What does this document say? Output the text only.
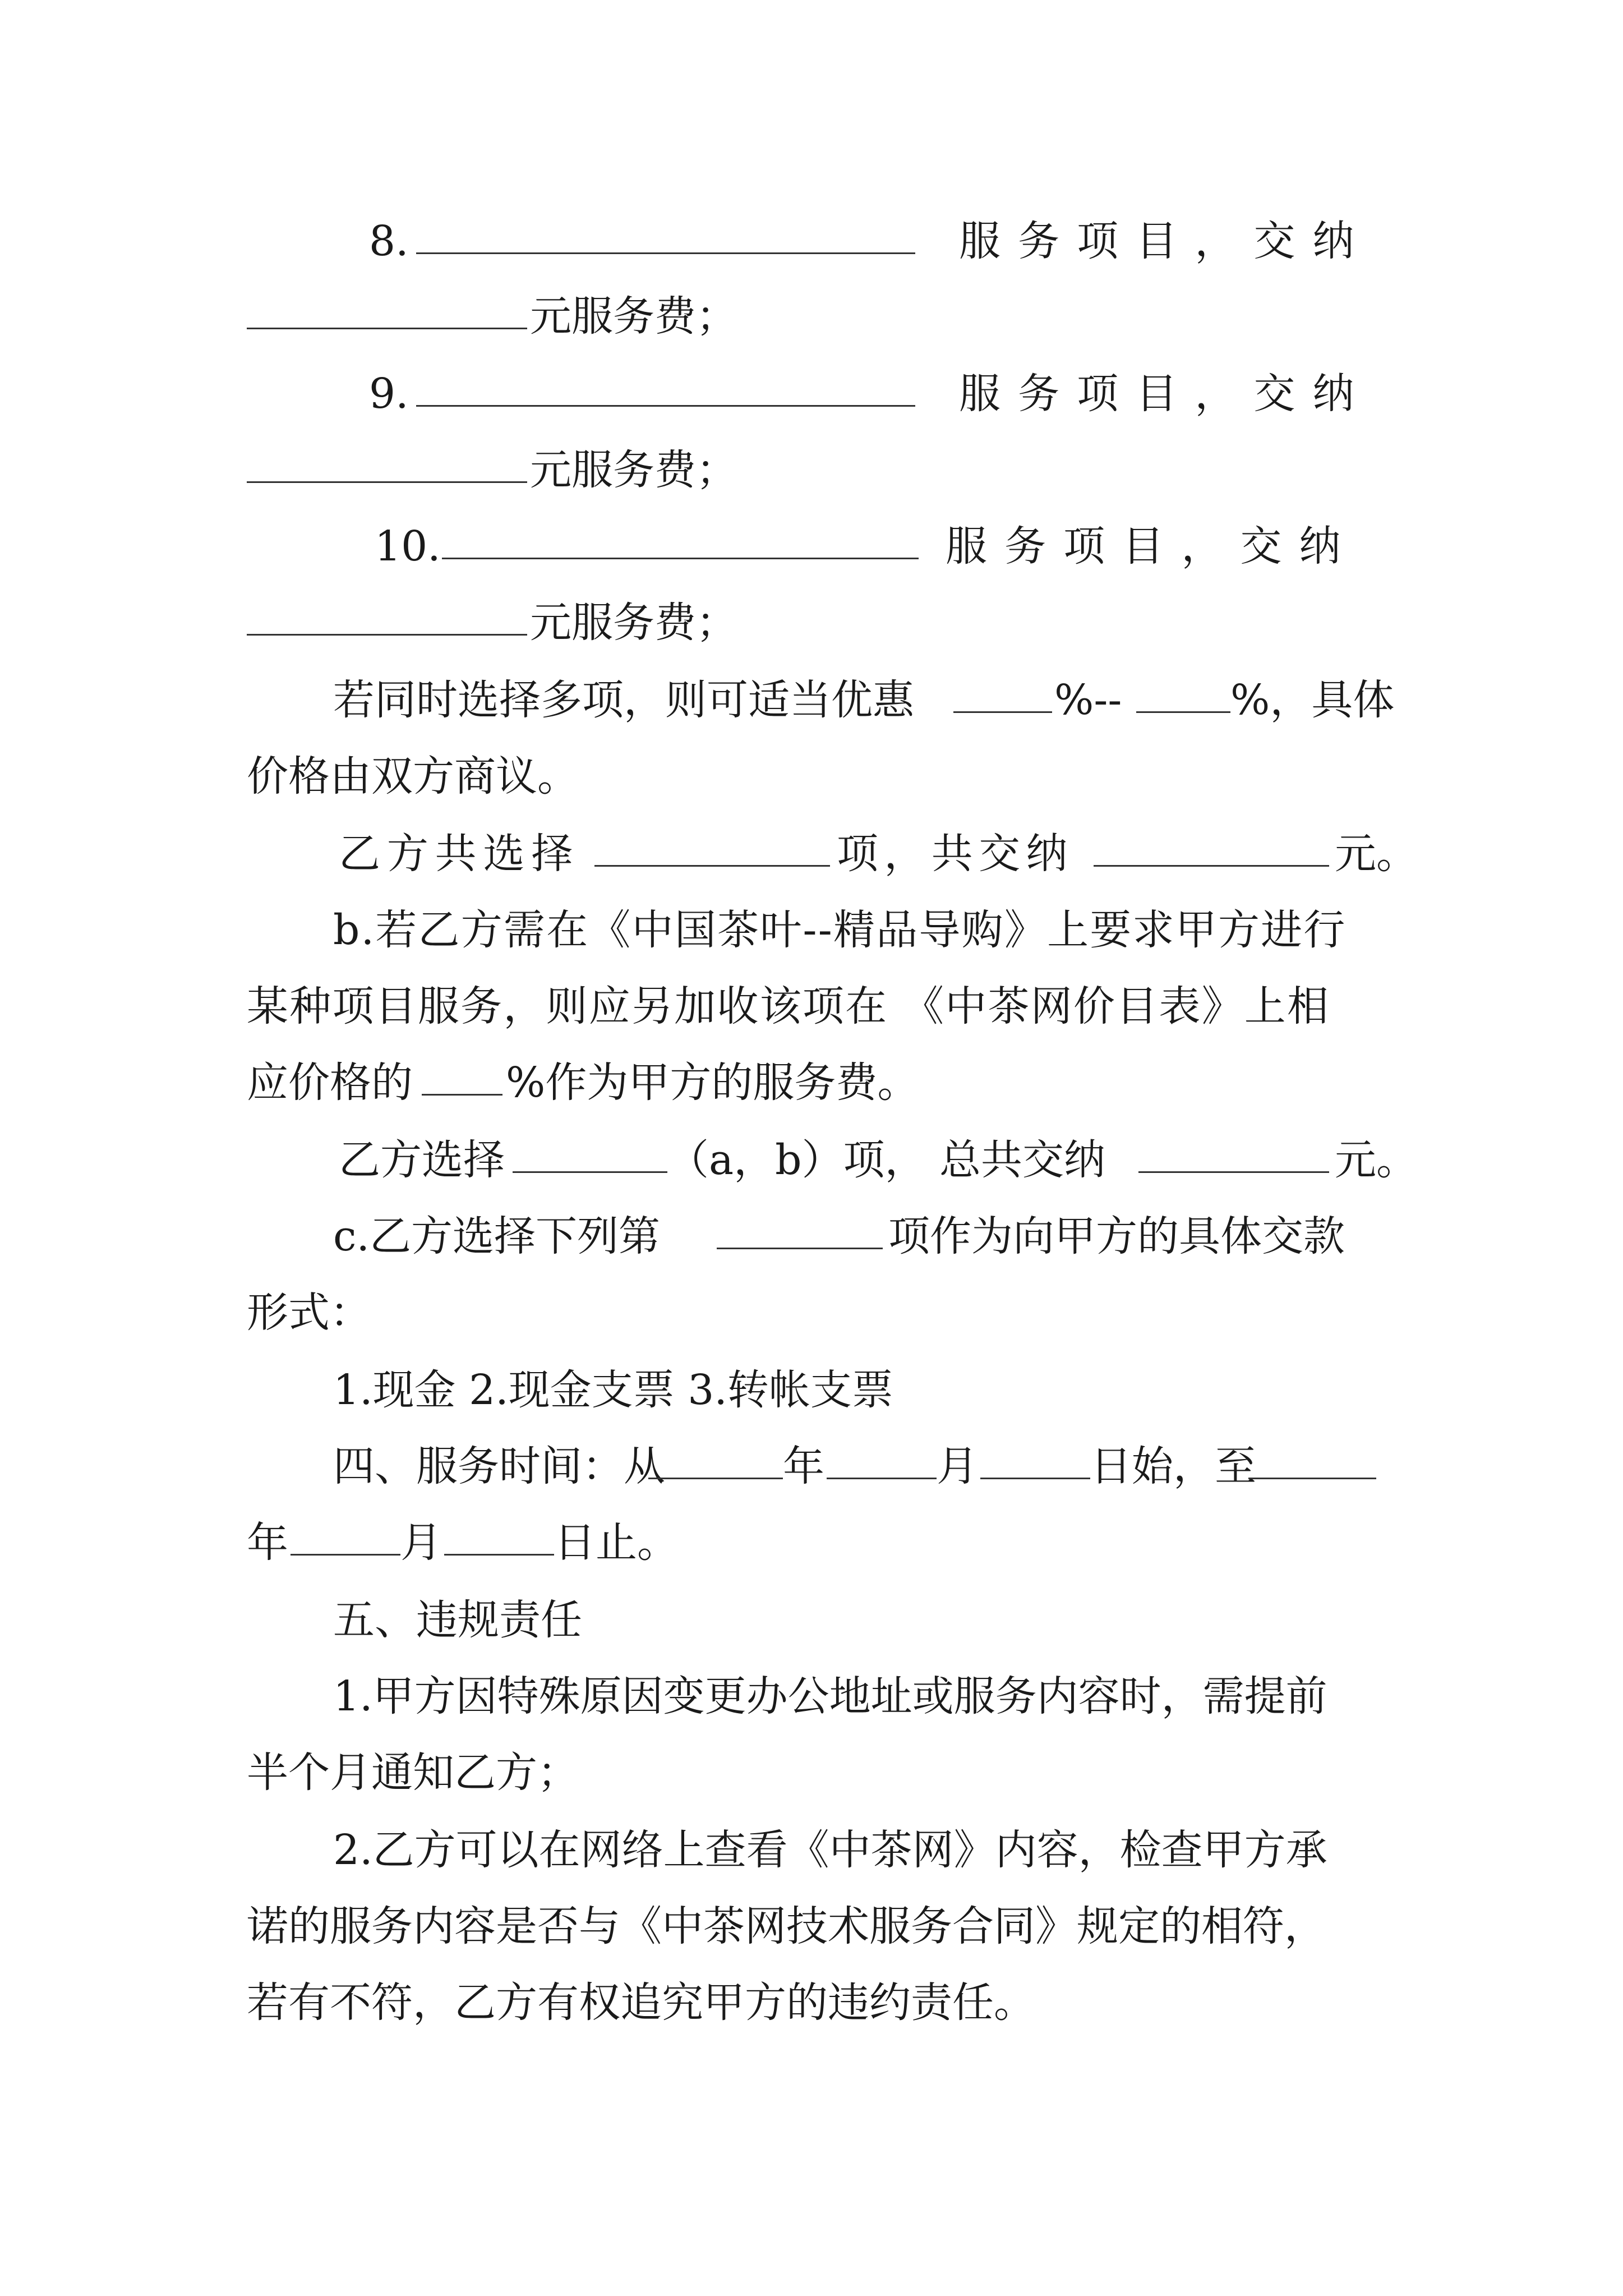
8.	服务项目，交纳
元服务费；
9.	服务项目，交纳
元服务费；
10.	服务项目，交纳
元服务费；
若同时选择多项，则可适当优惠	%--	%，具体
价格由双方商议。
乙方共选择	项，共交纳	元。
b.若乙方需在《中国茶叶--精品导购》上要求甲方进行
某种项目服务，则应另加收该项在 《中茶网价目表》上相
应价格的 %作为甲方的服务费。
乙方选择	（a，b）项， 总共交纳	元。
c.乙方选择下列第	项作为向甲方的具体交款
形式：
1.现金 2.现金支票 3.转帐支票
四、服务时间：从	年	月	日始，至
年	月	日止。
五、违规责任
1.甲方因特殊原因变更办公地址或服务内容时，需提前
半个月通知乙方；
2.乙方可以在网络上查看《中茶网》内容，检查甲方承
诺的服务内容是否与《中茶网技术服务合同》规定的相符，
若有不符，乙方有权追究甲方的违约责任。
